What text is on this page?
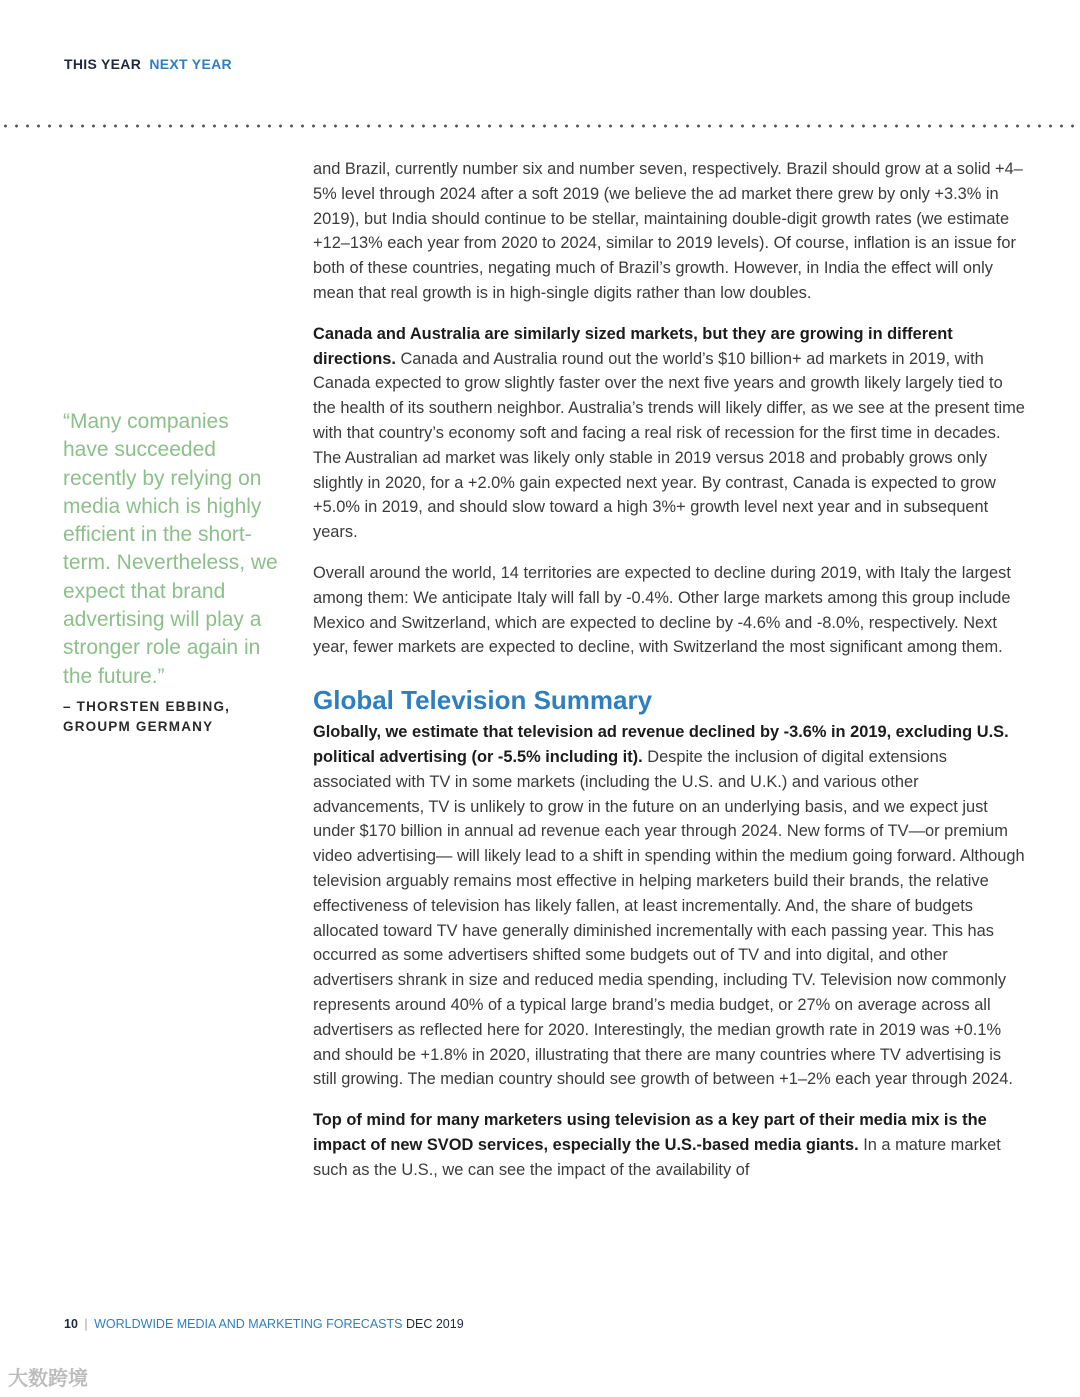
THIS YEAR NEXT YEAR
“Many companies have succeeded recently by relying on media which is highly efficient in the short-term. Nevertheless, we expect that brand advertising will play a stronger role again in the future.”
– THORSTEN EBBING,
GROUPM GERMANY

and Brazil, currently number six and number seven, respectively. Brazil should grow at a solid +4–5% level through 2024 after a soft 2019 (we believe the ad market there grew by only +3.3% in 2019), but India should continue to be stellar, maintaining double-digit growth rates (we estimate +12–13% each year from 2020 to 2024, similar to 2019 levels). Of course, inflation is an issue for both of these countries, negating much of Brazil’s growth. However, in India the effect will only mean that real growth is in high-single digits rather than low doubles.

Canada and Australia are similarly sized markets, but they are growing in different directions. Canada and Australia round out the world’s $10 billion+ ad markets in 2019, with Canada expected to grow slightly faster over the next five years and growth likely largely tied to the health of its southern neighbor. Australia’s trends will likely differ, as we see at the present time with that country’s economy soft and facing a real risk of recession for the first time in decades. The Australian ad market was likely only stable in 2019 versus 2018 and probably grows only slightly in 2020, for a +2.0% gain expected next year. By contrast, Canada is expected to grow +5.0% in 2019, and should slow toward a high 3%+ growth level next year and in subsequent years.

Overall around the world, 14 territories are expected to decline during 2019, with Italy the largest among them: We anticipate Italy will fall by -0.4%. Other large markets among this group include Mexico and Switzerland, which are expected to decline by -4.6% and -8.0%, respectively. Next year, fewer markets are expected to decline, with Switzerland the most significant among them.

Global Television Summary

Globally, we estimate that television ad revenue declined by -3.6% in 2019, excluding U.S. political advertising (or -5.5% including it). Despite the inclusion of digital extensions associated with TV in some markets (including the U.S. and U.K.) and various other advancements, TV is unlikely to grow in the future on an underlying basis, and we expect just under $170 billion in annual ad revenue each year through 2024. New forms of TV—or premium video advertising— will likely lead to a shift in spending within the medium going forward. Although television arguably remains most effective in helping marketers build their brands, the relative effectiveness of television has likely fallen, at least incrementally. And, the share of budgets allocated toward TV have generally diminished incrementally with each passing year. This has occurred as some advertisers shifted some budgets out of TV and into digital, and other advertisers shrank in size and reduced media spending, including TV. Television now commonly represents around 40% of a typical large brand’s media budget, or 27% on average across all advertisers as reflected here for 2020. Interestingly, the median growth rate in 2019 was +0.1% and should be +1.8% in 2020, illustrating that there are many countries where TV advertising is still growing. The median country should see growth of between +1–2% each year through 2024.

Top of mind for many marketers using television as a key part of their media mix is the impact of new SVOD services, especially the U.S.-based media giants. In a mature market such as the U.S., we can see the impact of the availability of

10 | WORLDWIDE MEDIA AND MARKETING FORECASTS DEC 2019
大数跨境
